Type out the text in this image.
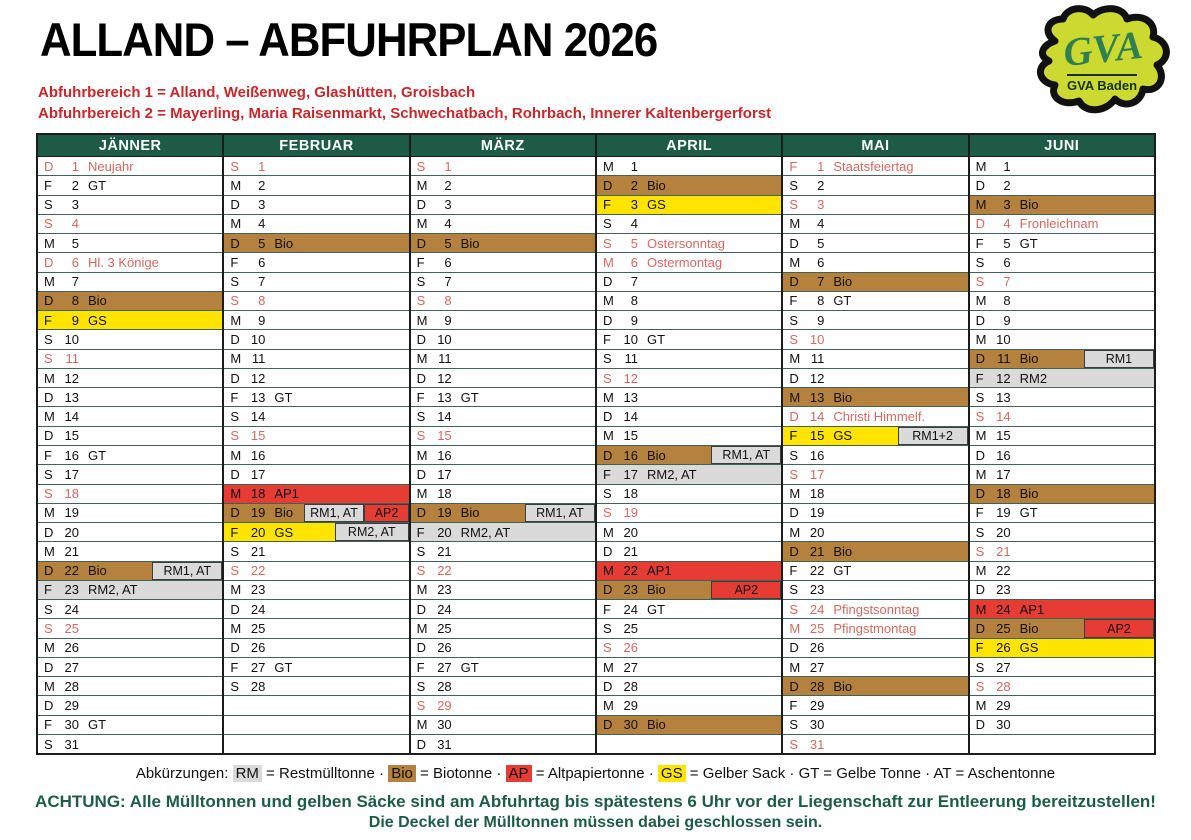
ALLAND – ABFUHRPLAN 2026
Abfuhrbereich 1 = Alland, Weißenweg, Glashütten, Groisbach
Abfuhrbereich 2 = Mayerling, Maria Raisenmarkt, Schwechatbach, Rohrbach, Innerer Kaltenbergerforst
GVA
GVA Baden
JÄNNER
D	1 Neujahr
F	2 GT
S	3
S	4
M	5
D	6 Hl. 3 Könige
M	7
D	8 Bio
F	9 GS
S 10
S 11
M 12
D 13
M 14
D 15
F 16 GT
S 17
S 18
M 19
D 20
M 21
D 22 Bio	RM1, AT
F 23 RM2, AT
S 24
S 25
M 26
D 27
M 28
D 29
F 30 GT
S 31
FEBRUAR
S	1
M	2
D	3
M	4
D	5 Bio
F	6
S	7
S	8
M	9
D 10
M 11
D 12
F 13 GT
S 14
S 15
M 16
D 17
M 18 AP1
D 19 Bio	RM1, AT	AP2
F 20 GS	RM2, AT
S 21
S 22
M 23
D 24
M 25
D 26
F 27 GT
S 28
MÄRZ
S	1
M	2
D	3
M	4
D	5 Bio
F	6
S	7
S	8
M	9
D 10
M 11
D 12
F 13 GT
S 14
S 15
M 16
D 17
M 18
D 19 Bio	RM1, AT
F 20 RM2, AT
S 21
S 22
M 23
D 24
M 25
D 26
F 27 GT
S 28
S 29
M 30
D 31
APRIL
M	1
D	2 Bio
F	3 GS
S	4
S	5 Ostersonntag
M	6 Ostermontag
D	7
M	8
D	9
F 10 GT
S 11
S 12
M 13
D 14
M 15
D 16 Bio	RM1, AT
F 17 RM2, AT
S 18
S 19
M 20
D 21
M 22 AP1
D 23 Bio	AP2
F 24 GT
S 25
S 26
M 27
D 28
M 29
D 30 Bio
MAI
F	1 Staatsfeiertag
S	2
S	3
M	4
D	5
M	6
D	7 Bio
F	8 GT
S	9
S 10
M 11
D 12
M 13 Bio
D 14 Christi Himmelf.
F 15 GS	RM1+2
S 16
S 17
M 18
D 19
M 20
D 21 Bio
F 22 GT
S 23
S 24 Pfingstsonntag
M 25 Pfingstmontag
D 26
M 27
D 28 Bio
F 29
S 30
S 31
JUNI
M	1
D	2
M	3 Bio
D	4 Fronleichnam
F	5 GT
S	6
S	7
M	8
D	9
M 10
D 11 Bio	RM1
F 12 RM2
S 13
S 14
M 15
D 16
M 17
D 18 Bio
F 19 GT
S 20
S 21
M 22
D 23
M 24 AP1
D 25 Bio	AP2
F 26 GS
S 27
S 28
M 29
D 30
Abkürzungen: RM = Restmülltonne · Bio = Biotonne · AP = Altpapiertonne · GS = Gelber Sack · GT = Gelbe Tonne · AT = Aschentonne
ACHTUNG: Alle Mülltonnen und gelben Säcke sind am Abfuhrtag bis spätestens 6 Uhr vor der Liegenschaft zur Entleerung bereitzustellen!
Die Deckel der Mülltonnen müssen dabei geschlossen sein.
